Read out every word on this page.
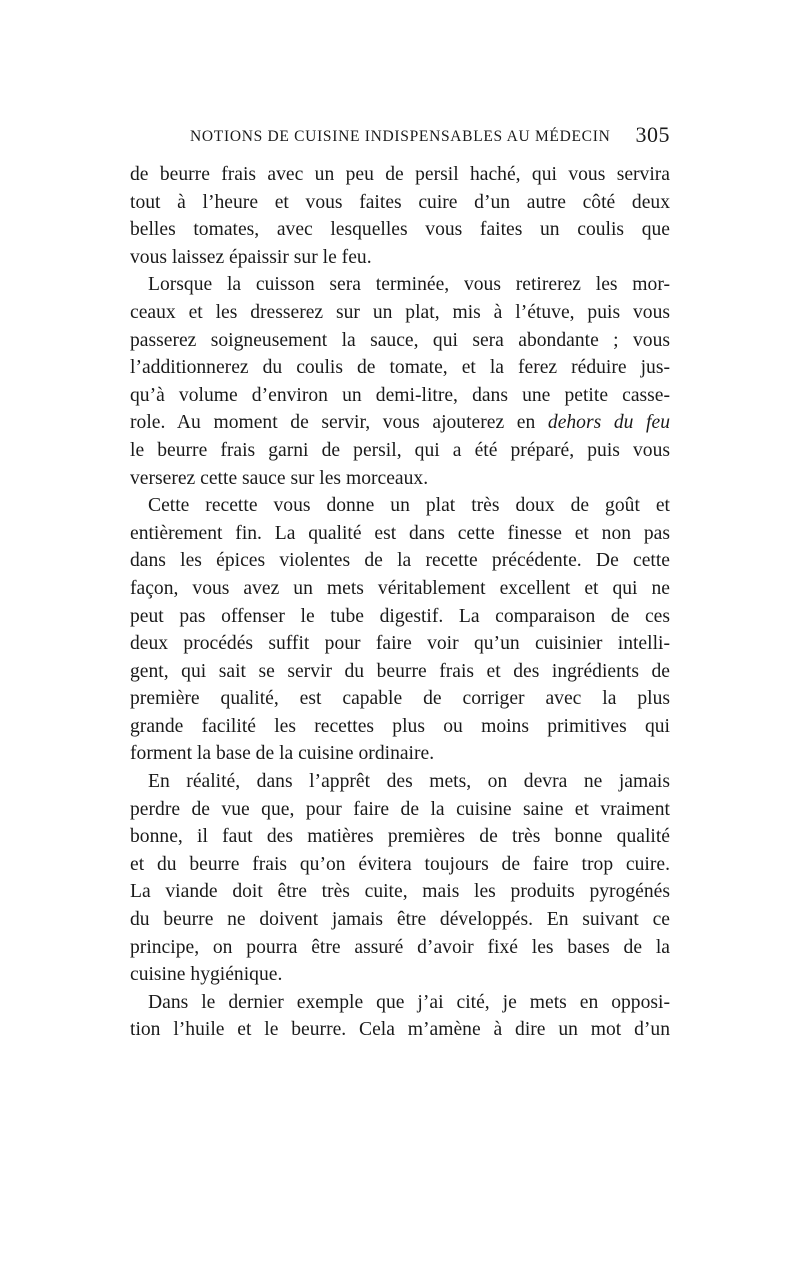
NOTIONS DE CUISINE INDISPENSABLES AU MÉDECIN 305
de beurre frais avec un peu de persil haché, qui vous servira
tout à l’heure et vous faites cuire d’un autre côté deux
belles tomates, avec lesquelles vous faites un coulis que
vous laissez épaissir sur le feu.
Lorsque la cuisson sera terminée, vous retirerez les mor-
ceaux et les dresserez sur un plat, mis à l’étuve, puis vous
passerez soigneusement la sauce, qui sera abondante ; vous
l’additionnerez du coulis de tomate, et la ferez réduire jus-
qu’à volume d’environ un demi-litre, dans une petite casse-
role. Au moment de servir, vous ajouterez en dehors du feu
le beurre frais garni de persil, qui a été préparé, puis vous
verserez cette sauce sur les morceaux.
Cette recette vous donne un plat très doux de goût et
entièrement fin. La qualité est dans cette finesse et non pas
dans les épices violentes de la recette précédente. De cette
façon, vous avez un mets véritablement excellent et qui ne
peut pas offenser le tube digestif. La comparaison de ces
deux procédés suffit pour faire voir qu’un cuisinier intelli-
gent, qui sait se servir du beurre frais et des ingrédients de
première qualité, est capable de corriger avec la plus
grande facilité les recettes plus ou moins primitives qui
forment la base de la cuisine ordinaire.
En réalité, dans l’apprêt des mets, on devra ne jamais
perdre de vue que, pour faire de la cuisine saine et vraiment
bonne, il faut des matières premières de très bonne qualité
et du beurre frais qu’on évitera toujours de faire trop cuire.
La viande doit être très cuite, mais les produits pyrogénés
du beurre ne doivent jamais être développés. En suivant ce
principe, on pourra être assuré d’avoir fixé les bases de la
cuisine hygiénique.
Dans le dernier exemple que j’ai cité, je mets en opposi-
tion l’huile et le beurre. Cela m’amène à dire un mot d’un
